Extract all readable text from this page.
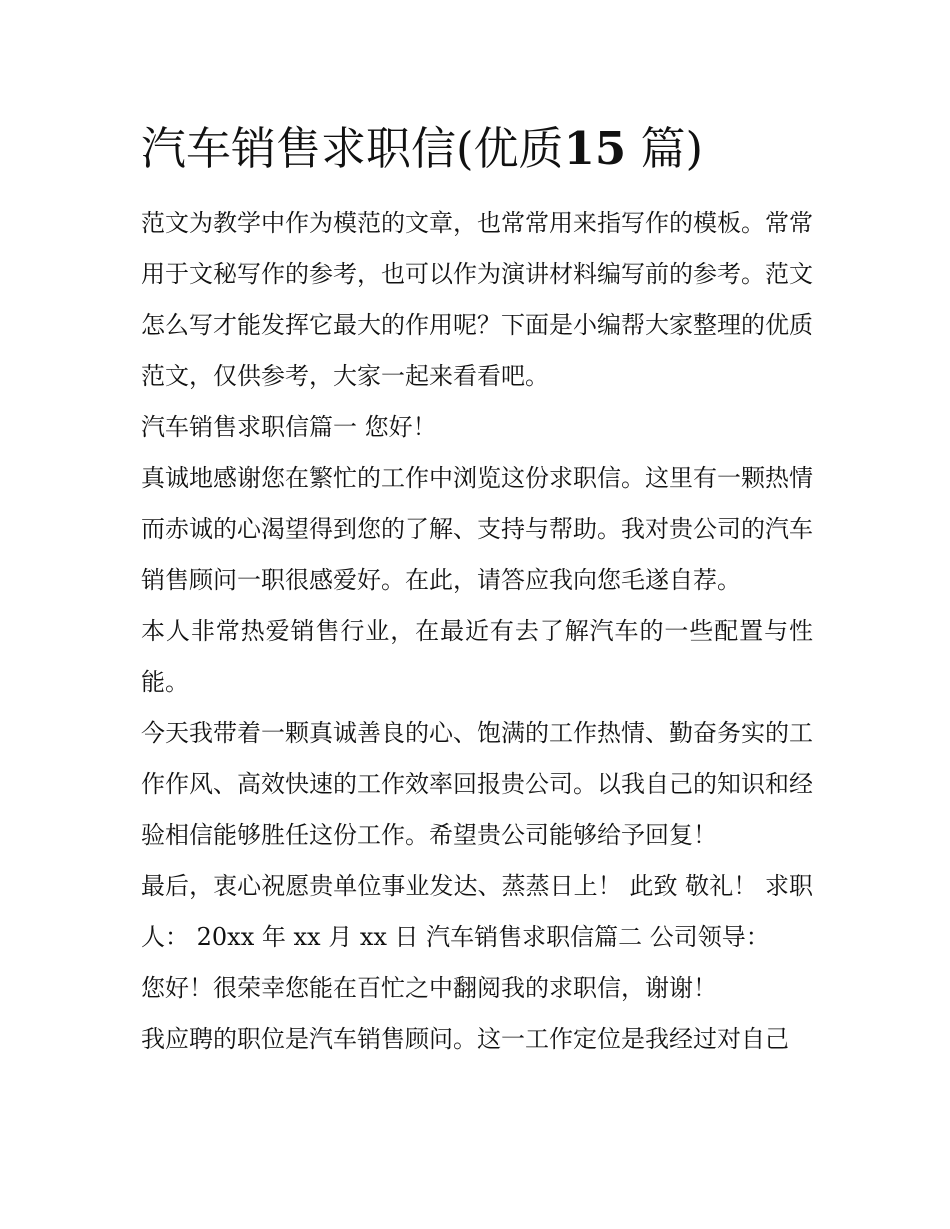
汽车销售求职信(优质15 篇)

范文为教学中作为模范的文章，也常常用来指写作的模板。常常用于文秘写作的参考，也可以作为演讲材料编写前的参考。范文怎么写才能发挥它最大的作用呢？下面是小编帮大家整理的优质范文，仅供参考，大家一起来看看吧。

汽车销售求职信篇一 您好！

真诚地感谢您在繁忙的工作中浏览这份求职信。这里有一颗热情而赤诚的心渴望得到您的了解、支持与帮助。我对贵公司的汽车销售顾问一职很感爱好。在此，请答应我向您毛遂自荐。

本人非常热爱销售行业，在最近有去了解汽车的一些配置与性能。

今天我带着一颗真诚善良的心、饱满的工作热情、勤奋务实的工作作风、高效快速的工作效率回报贵公司。以我自己的知识和经验相信能够胜任这份工作。希望贵公司能够给予回复！

最后，衷心祝愿贵单位事业发达、蒸蒸日上！ 此致 敬礼！ 求职人： 20xx 年 xx 月 xx 日 汽车销售求职信篇二 公司领导：

您好！很荣幸您能在百忙之中翻阅我的求职信，谢谢！

我应聘的职位是汽车销售顾问。这一工作定位是我经过对自己
